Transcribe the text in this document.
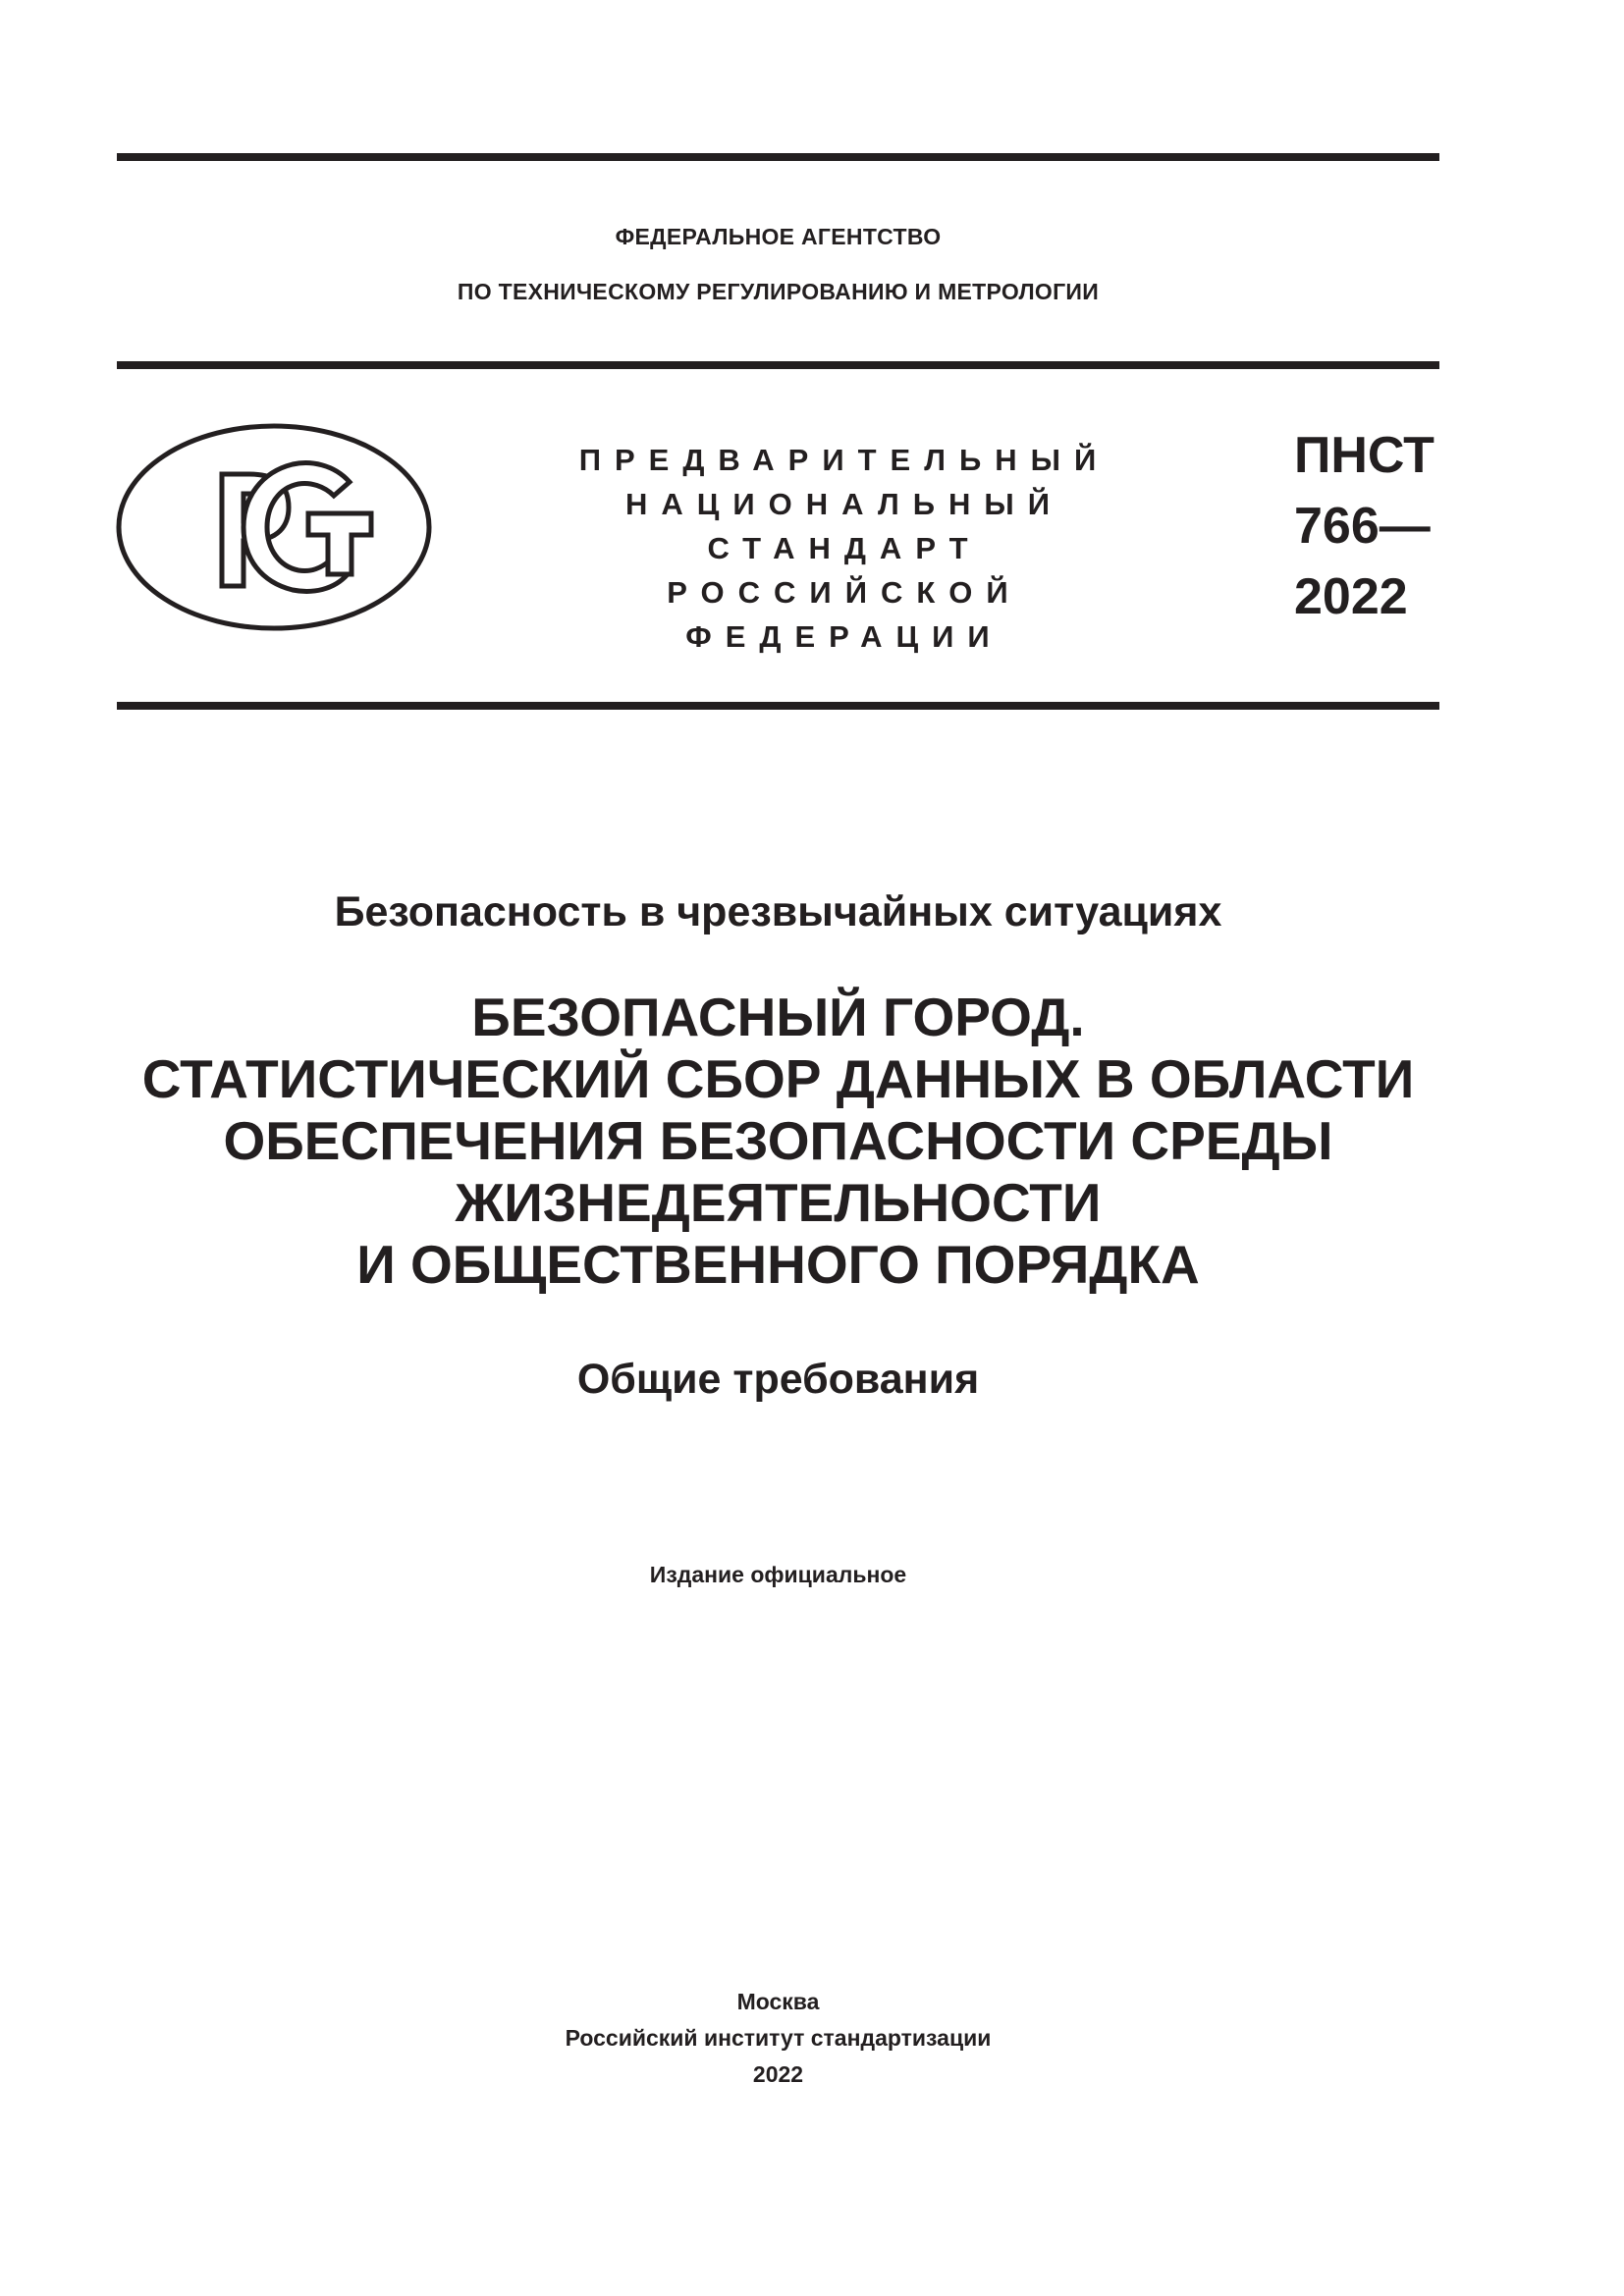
ФЕДЕРАЛЬНОЕ АГЕНТСТВО
ПО ТЕХНИЧЕСКОМУ РЕГУЛИРОВАНИЮ И МЕТРОЛОГИИ
ПРЕДВАРИТЕЛЬНЫЙ
НАЦИОНАЛЬНЫЙ
СТАНДАРТ
РОССИЙСКОЙ
ФЕДЕРАЦИИ
ПНСТ
766—
2022
Безопасность в чрезвычайных ситуациях
БЕЗОПАСНЫЙ ГОРОД.
СТАТИСТИЧЕСКИЙ СБОР ДАННЫХ В ОБЛАСТИ
ОБЕСПЕЧЕНИЯ БЕЗОПАСНОСТИ СРЕДЫ
ЖИЗНЕДЕЯТЕЛЬНОСТИ
И ОБЩЕСТВЕННОГО ПОРЯДКА
Общие требования
Издание официальное
Москва
Российский институт стандартизации
2022
